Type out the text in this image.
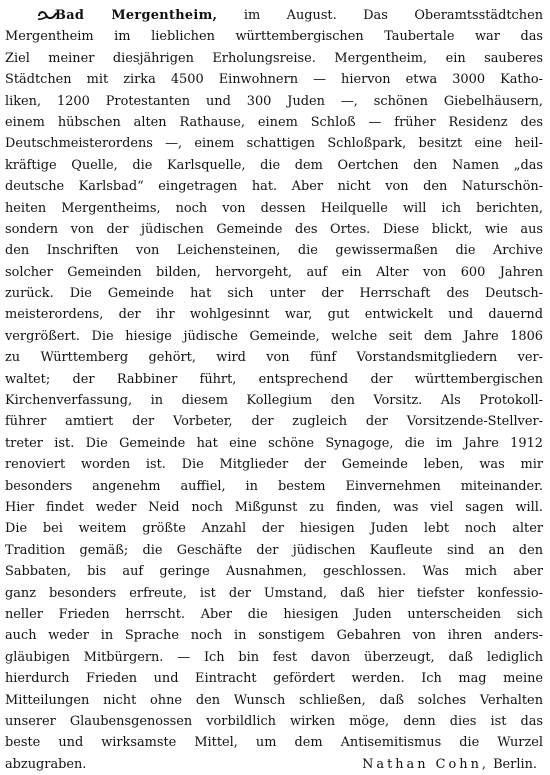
Bad Mergentheim, im August. Das Oberamtsstädtchen
Mergentheim im lieblichen württembergischen Taubertale war das
Ziel meiner diesjährigen Erholungsreise. Mergentheim, ein sauberes
Städtchen mit zirka 4500 Einwohnern — hiervon etwa 3000 Katho-
liken, 1200 Protestanten und 300 Juden —, schönen Giebelhäusern,
einem hübschen alten Rathause, einem Schloß — früher Residenz des
Deutschmeisterordens —, einem schattigen Schloßpark, besitzt eine heil-
kräftige Quelle, die Karlsquelle, die dem Oertchen den Namen „das
deutsche Karlsbad“ eingetragen hat. Aber nicht von den Naturschön-
heiten Mergentheims, noch von dessen Heilquelle will ich berichten,
sondern von der jüdischen Gemeinde des Ortes. Diese blickt, wie aus
den Inschriften von Leichensteinen, die gewissermaßen die Archive
solcher Gemeinden bilden, hervorgeht, auf ein Alter von 600 Jahren
zurück. Die Gemeinde hat sich unter der Herrschaft des Deutsch-
meisterordens, der ihr wohlgesinnt war, gut entwickelt und dauernd
vergrößert. Die hiesige jüdische Gemeinde, welche seit dem Jahre 1806
zu Württemberg gehört, wird von fünf Vorstandsmitgliedern ver-
waltet; der Rabbiner führt, entsprechend der württembergischen
Kirchenverfassung, in diesem Kollegium den Vorsitz. Als Protokoll-
führer amtiert der Vorbeter, der zugleich der Vorsitzende-Stellver-
treter ist. Die Gemeinde hat eine schöne Synagoge, die im Jahre 1912
renoviert worden ist. Die Mitglieder der Gemeinde leben, was mir
besonders angenehm auffiel, in bestem Einvernehmen miteinander.
Hier findet weder Neid noch Mißgunst zu finden, was viel sagen will.
Die bei weitem größte Anzahl der hiesigen Juden lebt noch alter
Tradition gemäß; die Geschäfte der jüdischen Kaufleute sind an den
Sabbaten, bis auf geringe Ausnahmen, geschlossen. Was mich aber
ganz besonders erfreute, ist der Umstand, daß hier tiefster konfessio-
neller Frieden herrscht. Aber die hiesigen Juden unterscheiden sich
auch weder in Sprache noch in sonstigem Gebahren von ihren anders-
gläubigen Mitbürgern. — Ich bin fest davon überzeugt, daß lediglich
hierdurch Frieden und Eintracht gefördert werden. Ich mag meine
Mitteilungen nicht ohne den Wunsch schließen, daß solches Verhalten
unserer Glaubensgenossen vorbildlich wirken möge, denn dies ist das
beste und wirksamste Mittel, um dem Antisemitismus die Wurzel
abzugraben.	Nathan Cohn, Berlin.
